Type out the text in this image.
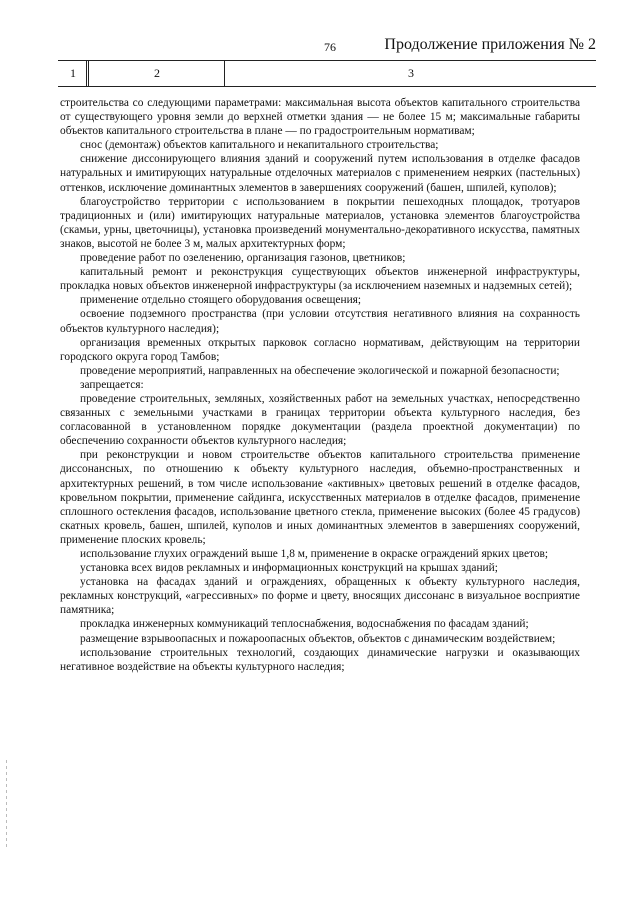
76	Продолжение приложения № 2
1	2	3

строительства со следующими параметрами: максимальная высота объектов капитального строительства от существующего уровня земли до верхней отметки здания — не более 15 м; максимальные габариты объектов капитального строительства в плане — по градостроительным нормативам;

снос (демонтаж) объектов капитального и некапитального строительства;

снижение диссонирующего влияния зданий и сооружений путем использования в отделке фасадов натуральных и имитирующих натуральные отделочных материалов с применением неярких (пастельных) оттенков, исключение доминантных элементов в завершениях сооружений (башен, шпилей, куполов);

благоустройство территории с использованием в покрытии пешеходных площадок, тротуаров традиционных и (или) имитирующих натуральные материалов, установка элементов благоустройства (скамьи, урны, цветочницы), установка произведений монументально-декоративного искусства, памятных знаков, высотой не более 3 м, малых архитектурных форм;

проведение работ по озеленению, организация газонов, цветников;

капитальный ремонт и реконструкция существующих объектов инженерной инфраструктуры, прокладка новых объектов инженерной инфраструктуры (за исключением наземных и надземных сетей);

применение отдельно стоящего оборудования освещения;

освоение подземного пространства (при условии отсутствия негативного влияния на сохранность объектов культурного наследия);

организация временных открытых парковок согласно нормативам, действующим на территории городского округа город Тамбов;

проведение мероприятий, направленных на обеспечение экологической и пожарной безопасности;

запрещается:

проведение строительных, земляных, хозяйственных работ на земельных участках, непосредственно связанных с земельными участками в границах территории объекта культурного наследия, без согласованной в установленном порядке документации (раздела проектной документации) по обеспечению сохранности объектов культурного наследия;

при реконструкции и новом строительстве объектов капитального строительства применение диссонансных, по отношению к объекту культурного наследия, объемно-пространственных и архитектурных решений, в том числе использование «активных» цветовых решений в отделке фасадов, кровельном покрытии, применение сайдинга, искусственных материалов в отделке фасадов, применение сплошного остекления фасадов, использование цветного стекла, применение высоких (более 45 градусов) скатных кровель, башен, шпилей, куполов и иных доминантных элементов в завершениях сооружений, применение плоских кровель;

использование глухих ограждений выше 1,8 м, применение в окраске ограждений ярких цветов;

установка всех видов рекламных и информационных конструкций на крышах зданий;

установка на фасадах зданий и ограждениях, обращенных к объекту культурного наследия, рекламных конструкций, «агрессивных» по форме и цвету, вносящих диссонанс в визуальное восприятие памятника;

прокладка инженерных коммуникаций теплоснабжения, водоснабжения по фасадам зданий;

размещение взрывоопасных и пожароопасных объектов, объектов с динамическим воздействием;

использование строительных технологий, создающих динамические нагрузки и оказывающих негативное воздействие на объекты культурного наследия;
